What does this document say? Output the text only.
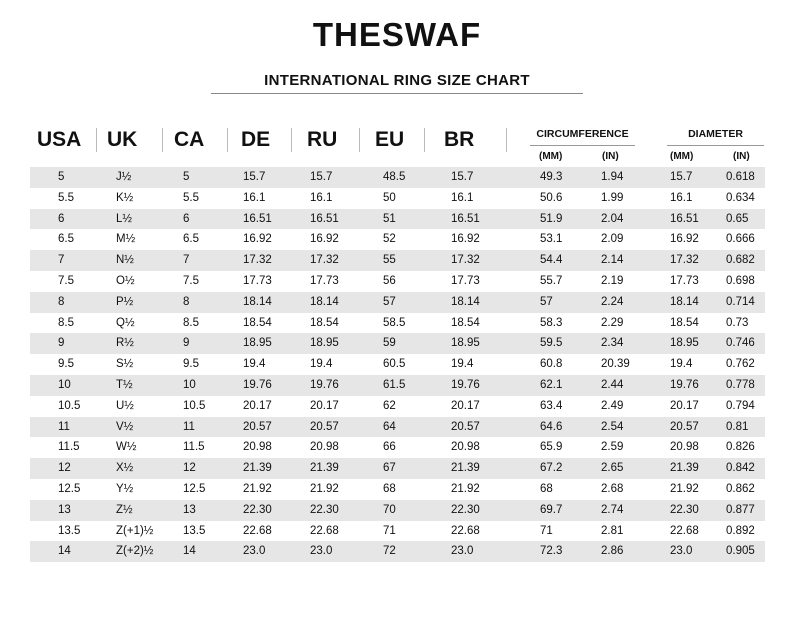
THESWAF
INTERNATIONAL RING SIZE CHART
USA UK CA DE RU EU BR	CIRCUMFERENCE
(MM)	(IN)
DIAMETER
(MM)	(IN)
5	J½	5	15.7	15.7	48.5	15.7	49.3	1.94	15.7	0.618
5.5	K½	5.5	16.1	16.1	50	16.1	50.6	1.99	16.1	0.634
6	L½	6	16.51	16.51	51	16.51	51.9	2.04	16.51 0.65
6.5	M½	6.5	16.92	16.92	52	16.92	53.1	2.09	16.92 0.666
7	N½	7	17.32	17.32	55	17.32	54.4	2.14	17.32 0.682
7.5	O½	7.5	17.73	17.73	56	17.73	55.7	2.19	17.73 0.698
8	P½	8	18.14	18.14	57	18.14	57	2.24	18.14 0.714
8.5	Q½	8.5	18.54	18.54	58.5	18.54	58.3	2.29	18.54 0.73
9	R½	9	18.95	18.95	59	18.95	59.5	2.34	18.95 0.746
9.5	S½	9.5	19.4	19.4	60.5	19.4	60.8	20.39	19.4	0.762
10	T½	10	19.76	19.76	61.5	19.76	62.1	2.44	19.76 0.778
10.5	U½	10.5	20.17	20.17	62	20.17	63.4	2.49	20.17 0.794
11	V½	11	20.57	20.57	64	20.57	64.6	2.54	20.57 0.81
11.5	W½	11.5	20.98	20.98	66	20.98	65.9	2.59	20.98 0.826
12	X½	12	21.39	21.39	67	21.39	67.2	2.65	21.39 0.842
12.5	Y½	12.5	21.92	21.92	68	21.92	68	2.68	21.92 0.862
13	Z½	13	22.30	22.30	70	22.30	69.7	2.74	22.30 0.877
13.5	Z(+1)½	13.5	22.68	22.68	71	22.68	71	2.81	22.68 0.892
14	Z(+2)½	14	23.0	23.0	72	23.0	72.3	2.86	23.0	0.905
